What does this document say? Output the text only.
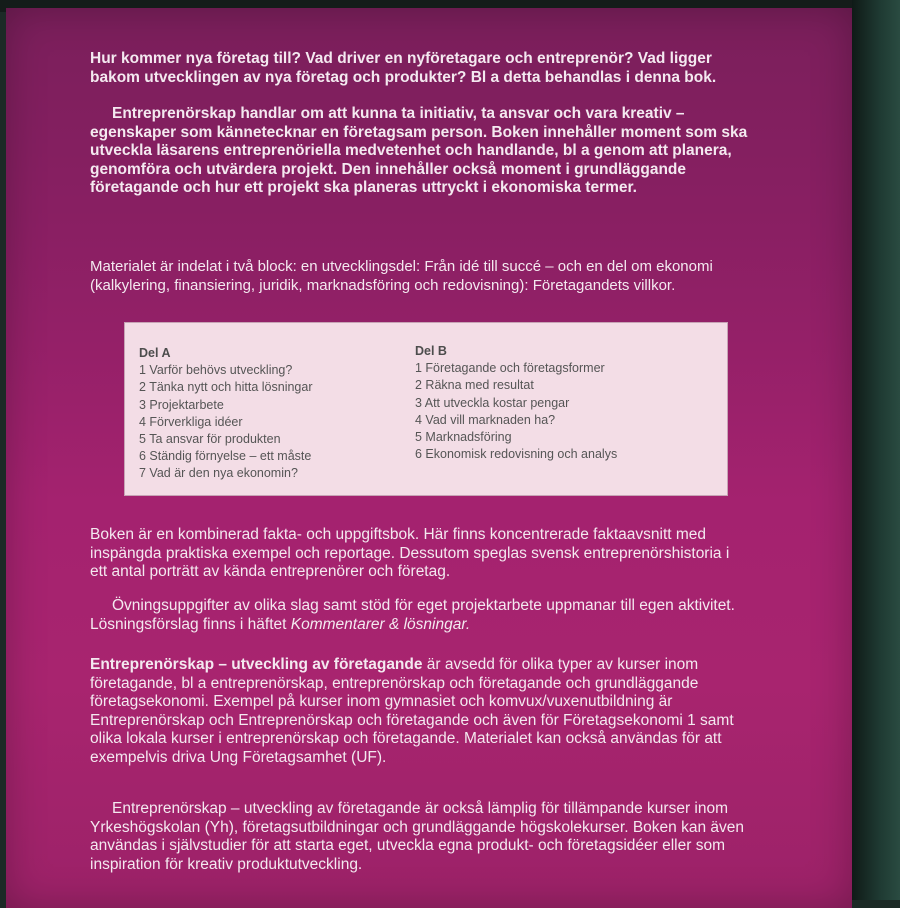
Hur kommer nya företag till? Vad driver en nyföretagare och entreprenör? Vad ligger bakom utvecklingen av nya företag och produkter? Bl a detta behandlas i denna bok.

Entreprenörskap handlar om att kunna ta initiativ, ta ansvar och vara kreativ – egenskaper som kännetecknar en företagsam person. Boken innehåller moment som ska utveckla läsarens entreprenöriella medvetenhet och handlande, bl a genom att planera, genomföra och utvärdera projekt. Den innehåller också moment i grundläggande företagande och hur ett projekt ska planeras uttryckt i ekonomiska termer.

Materialet är indelat i två block: en utvecklingsdel: Från idé till succé – och en del om ekonomi (kalkylering, finansiering, juridik, marknadsföring och redovisning): Företagandets villkor.

Del A
1 Varför behövs utveckling?
2 Tänka nytt och hitta lösningar
3 Projektarbete
4 Förverkliga idéer
5 Ta ansvar för produkten
6 Ständig förnyelse – ett måste
7 Vad är den nya ekonomin?
Del B
1 Företagande och företagsformer
2 Räkna med resultat
3 Att utveckla kostar pengar
4 Vad vill marknaden ha?
5 Marknadsföring
6 Ekonomisk redovisning och analys

Boken är en kombinerad fakta- och uppgiftsbok. Här finns koncentrerade faktaavsnitt med inspängda praktiska exempel och reportage. Dessutom speglas svensk entreprenörshistoria i ett antal porträtt av kända entreprenörer och företag.

Övningsuppgifter av olika slag samt stöd för eget projektarbete uppmanar till egen aktivitet. Lösningsförslag finns i häftet Kommentarer & lösningar.

Entreprenörskap – utveckling av företagande är avsedd för olika typer av kurser inom företagande, bl a entreprenörskap, entreprenörskap och företagande och grundläggande företagsekonomi. Exempel på kurser inom gymnasiet och komvux/vuxenutbildning är Entreprenörskap och Entreprenörskap och företagande och även för Företagsekonomi 1 samt olika lokala kurser i entreprenörskap och företagande. Materialet kan också användas för att exempelvis driva Ung Företagsamhet (UF).

Entreprenörskap – utveckling av företagande är också lämplig för tillämpande kurser inom Yrkeshögskolan (Yh), företagsutbildningar och grundläggande högskolekurser. Boken kan även användas i självstudier för att starta eget, utveckla egna produkt- och företagsidéer eller som inspiration för kreativ produktutveckling.
